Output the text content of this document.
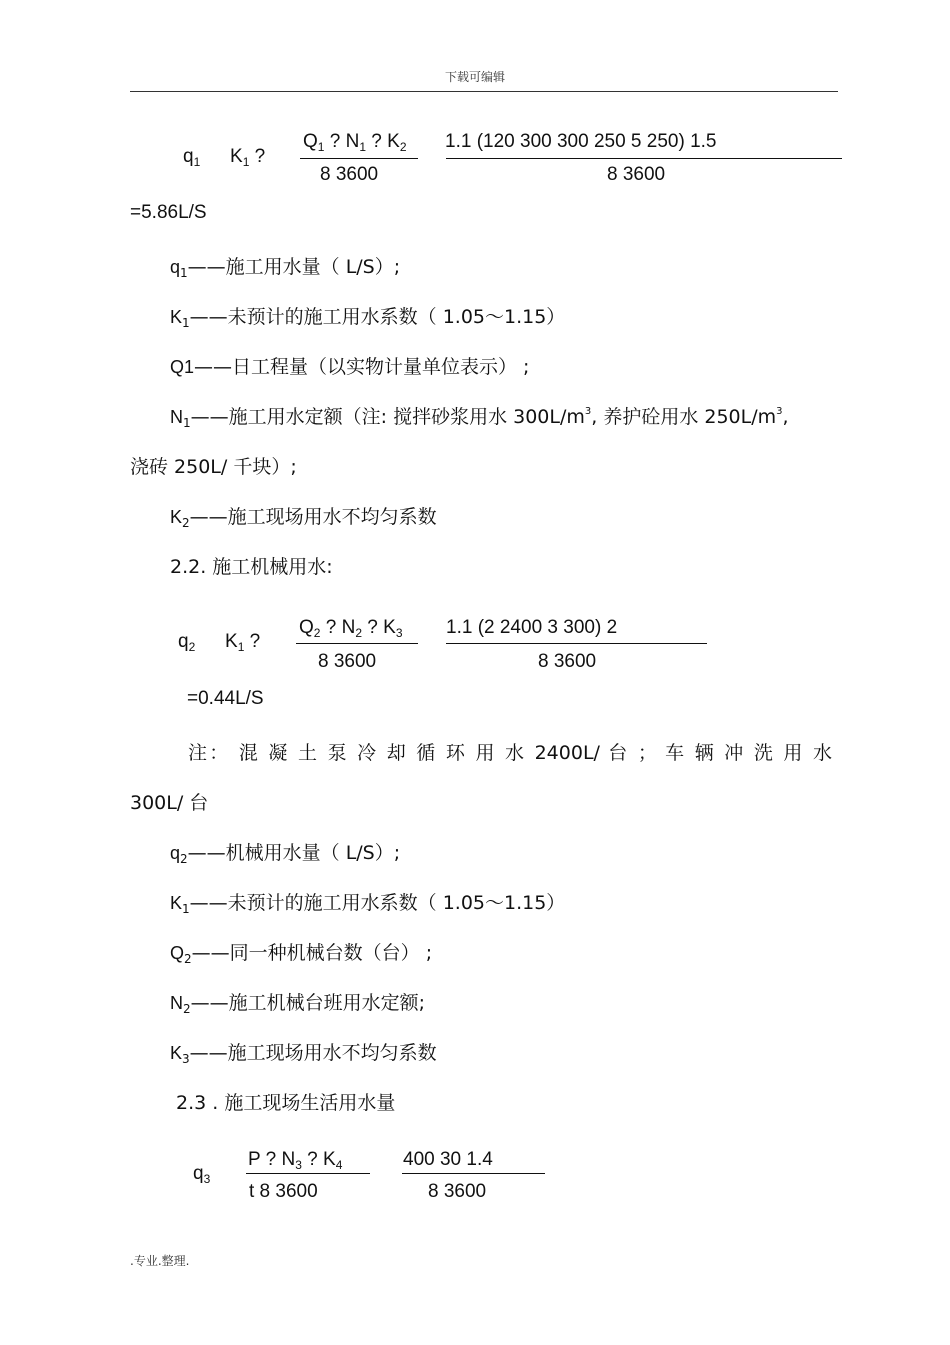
下载可编辑
$q_1$ $K_1$ ?
$Q_1$ ? $N_1$ ? $K_2$
8 3600
1.1 (120 300 300 250 5 250) 1.5
8 3600
=5.86L/S
$q_1——$施工用水量（ L/S）;
$K_1——$未预计的施工用水系数（ 1.05～1.15）
Q1——日工程量（以实物计量单位表示） ;
$N_1——$施工用水定额（注: 搅拌砂浆用水 $300L/m^3$, 养护砼用水 $250L/m^3$,
浇砖 250L/ 千块）;
$K_2——$施工现场用水不均匀系数
2.2. 施工机械用水:
$q_2$ $K_1$ ?
$Q_2$ ? $N_2$ ? $K_3$
8 3600
1.1 (2 2400 3 300) 2
8 3600
=0.44L/S
注： 混 凝 土 泵 冷 却 循 环 用 水 2400L/ 台 ； 车 辆 冲 洗 用 水
300L/ 台
$q_2——$机械用水量（ L/S）;
$K_1——$未预计的施工用水系数（ 1.05～1.15）
$Q_2——$同一种机械台数（台） ;
$N_2——$施工机械台班用水定额;
$K_3——$施工现场用水不均匀系数
2.3 . 施工现场生活用水量
$q_3$
P ? $N_3$ ? $K_4$
t 8 3600
400 30 1.4
8 3600
.专业.整理.
